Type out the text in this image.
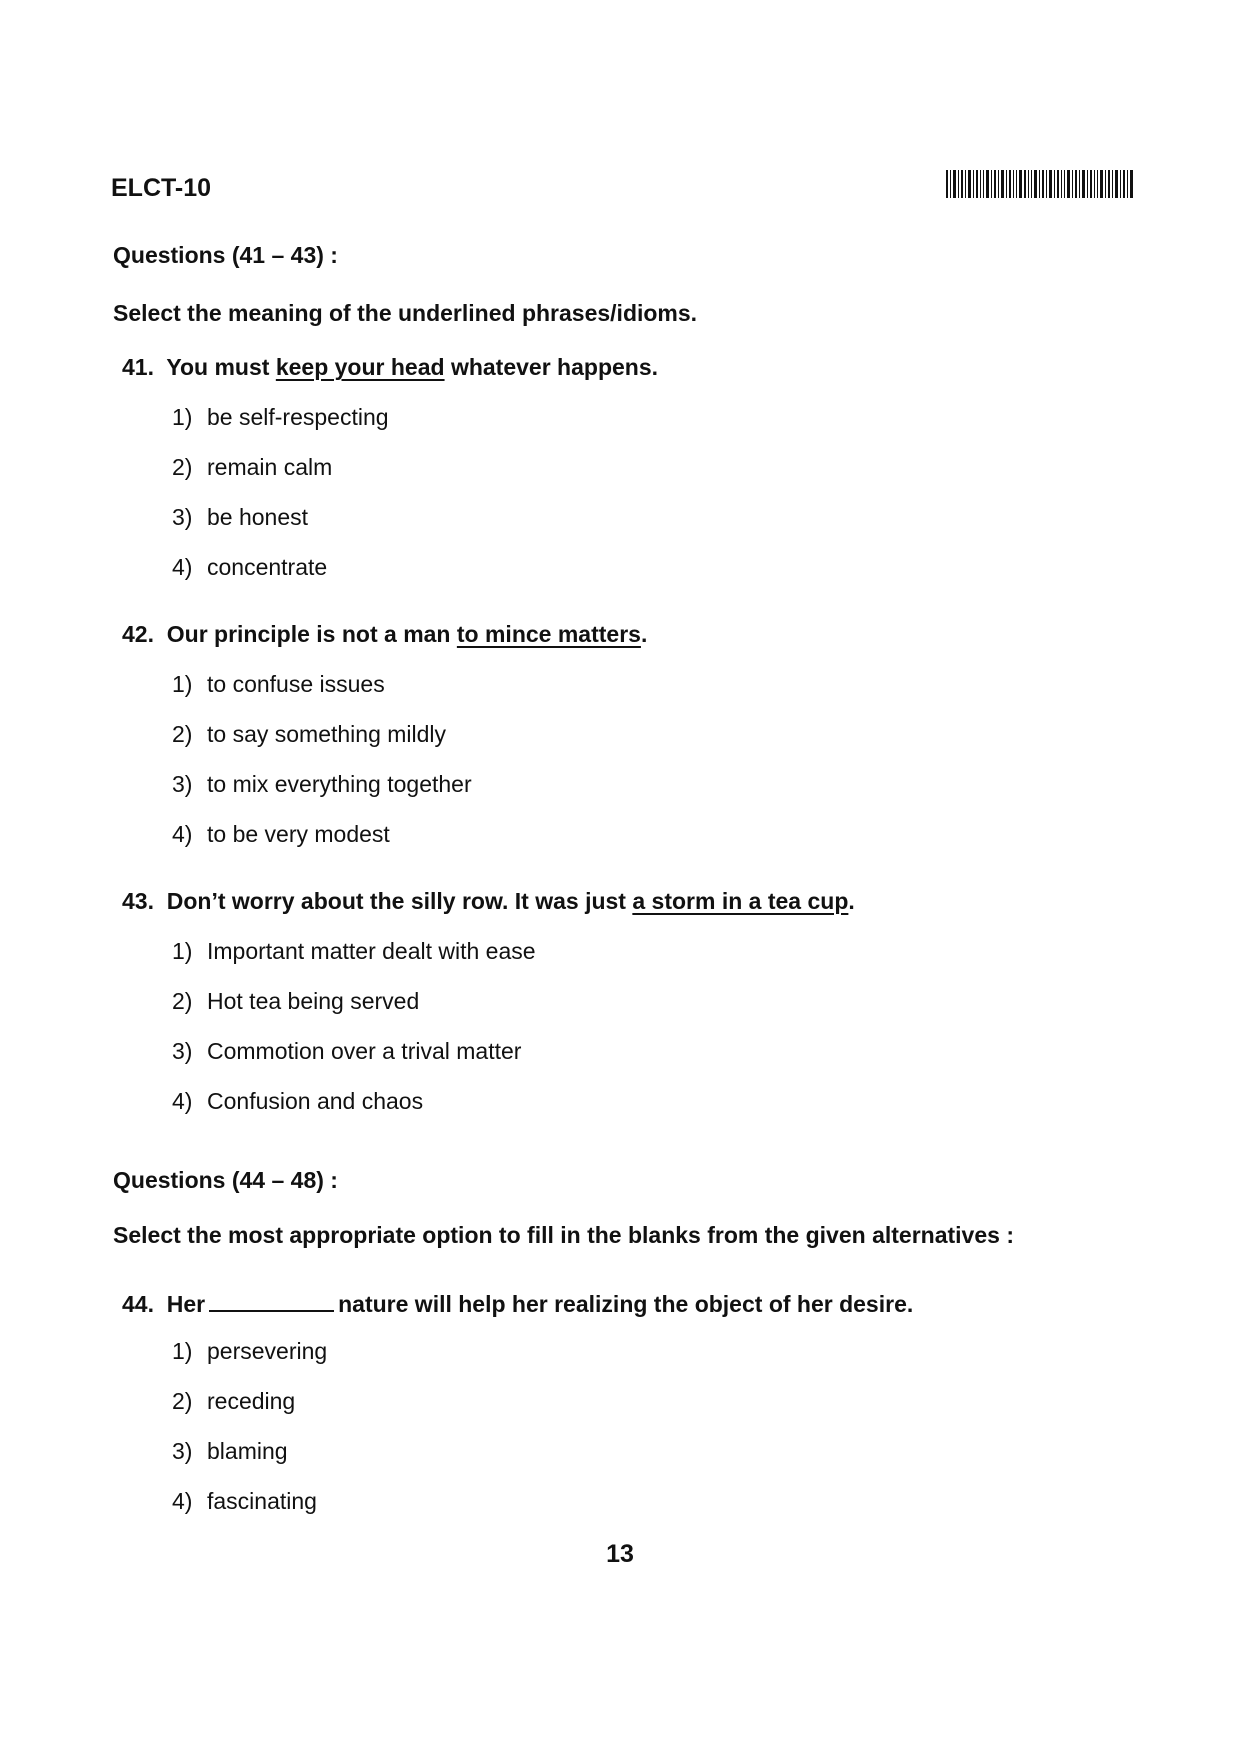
ELCT-10
Questions (41 – 43) :
Select the meaning of the underlined phrases/idioms.
41. You must keep your head whatever happens.
1) be self-respecting
2) remain calm
3) be honest
4) concentrate
42. Our principle is not a man to mince matters.
1) to confuse issues
2) to say something mildly
3) to mix everything together
4) to be very modest
43. Don’t worry about the silly row. It was just a storm in a tea cup.
1) Important matter dealt with ease
2) Hot tea being served
3) Commotion over a trival matter
4) Confusion and chaos
Questions (44 – 48) :
Select the most appropriate option to fill in the blanks from the given alternatives :
44. Her	nature will help her realizing the object of her desire.
1) persevering
2) receding
3) blaming
4) fascinating
13
